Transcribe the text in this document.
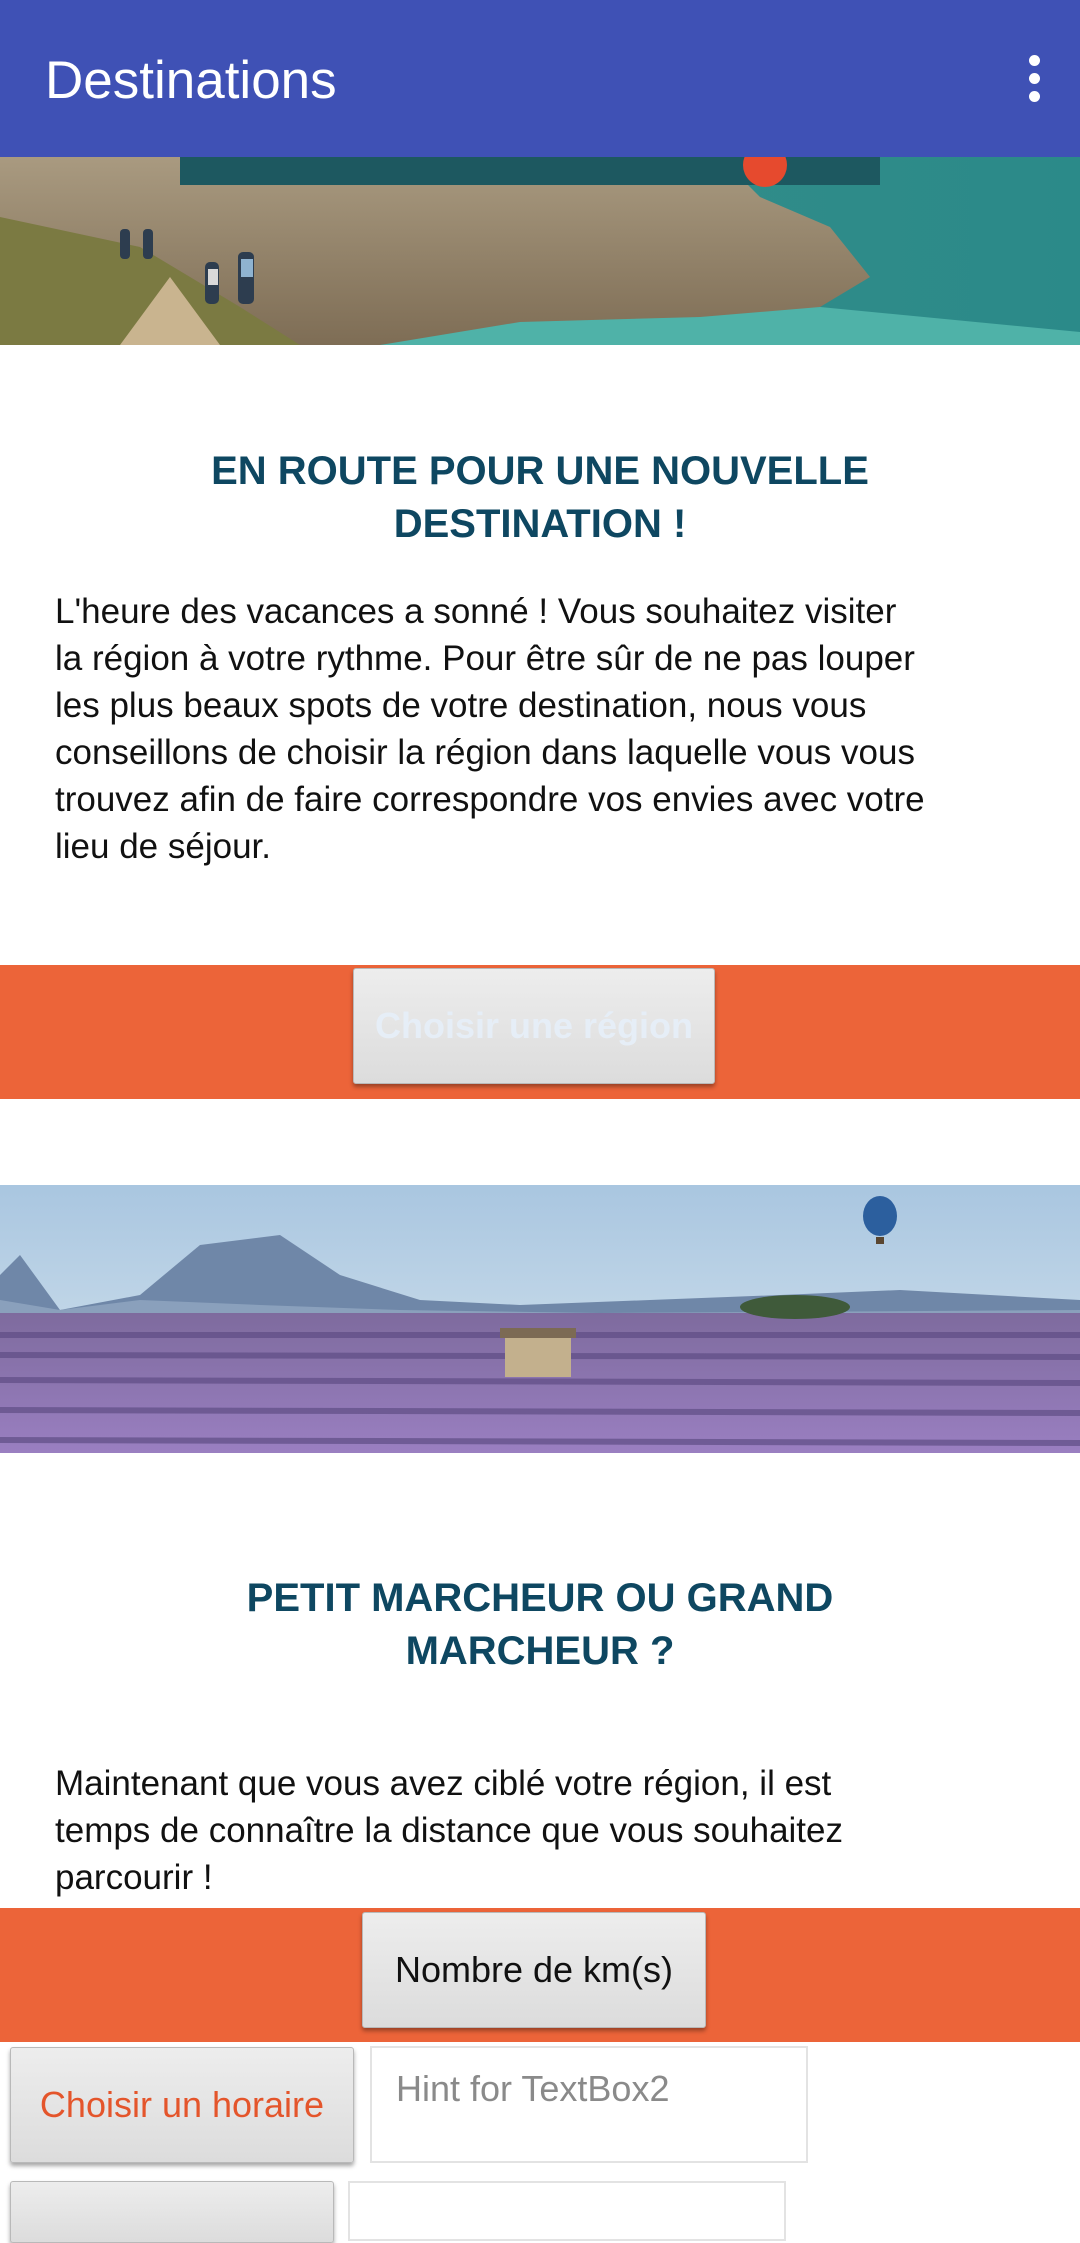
Destinations
EN ROUTE POUR UNE NOUVELLE
DESTINATION !
L'heure des vacances a sonné ! Vous souhaitez visiter
la région à votre rythme. Pour être sûr de ne pas louper
les plus beaux spots de votre destination, nous vous
conseillons de choisir la région dans laquelle vous vous
trouvez afin de faire correspondre vos envies avec votre
lieu de séjour.
Choisir une région
PETIT MARCHEUR OU GRAND
MARCHEUR ?
Maintenant que vous avez ciblé votre région, il est
temps de connaître la distance que vous souhaitez
parcourir !
Nombre de km(s)
Choisir un horaire	Hint for TextBox2
